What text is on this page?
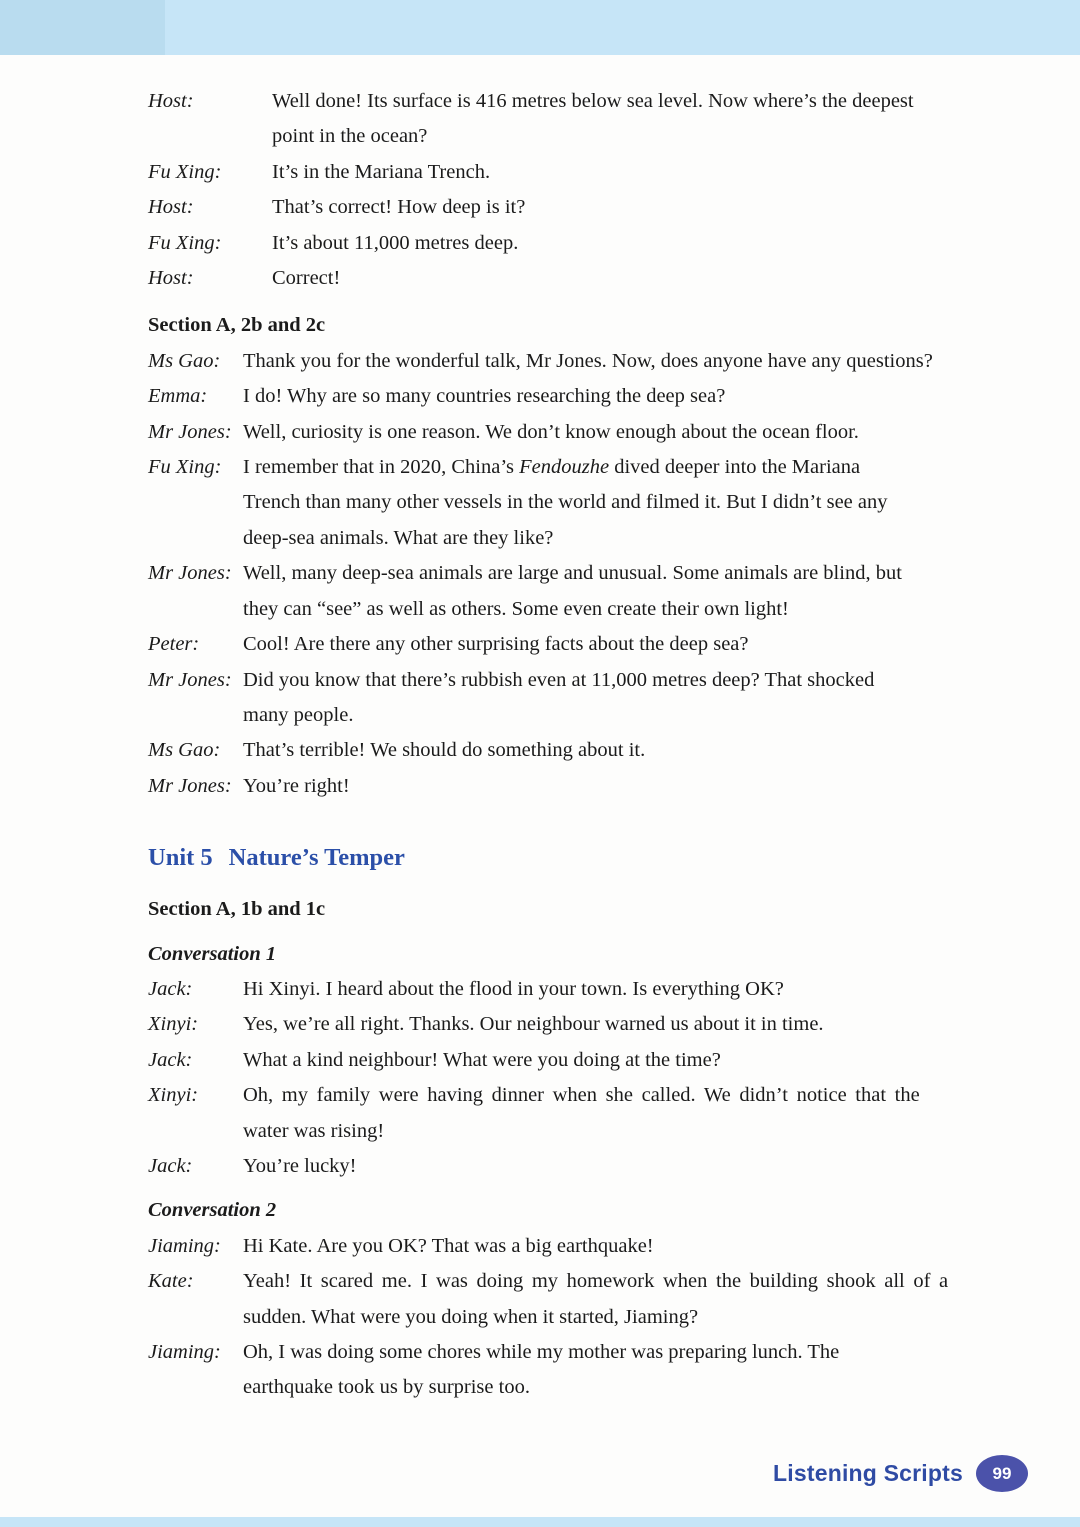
Host:	Well done! Its surface is 416 metres below sea level. Now where’s the deepest
point in the ocean?
Fu Xing:	It’s in the Mariana Trench.
Host:	That’s correct! How deep is it?
Fu Xing:	It’s about 11,000 metres deep.
Host:	Correct!
Section A, 2b and 2c
Ms Gao:	Thank you for the wonderful talk, Mr Jones. Now, does anyone have any questions?
Emma:	I do! Why are so many countries researching the deep sea?
Mr Jones: Well, curiosity is one reason. We don’t know enough about the ocean floor.
Fu Xing:	I remember that in 2020, China’s Fendouzhe dived deeper into the Mariana
Trench than many other vessels in the world and filmed it. But I didn’t see any
deep-sea animals. What are they like?
Mr Jones: Well, many deep-sea animals are large and unusual. Some animals are blind, but
they can “see” as well as others. Some even create their own light!
Peter:	Cool! Are there any other surprising facts about the deep sea?
Mr Jones: Did you know that there’s rubbish even at 11,000 metres deep? That shocked
many people.
Ms Gao:	That’s terrible! We should do something about it.
Mr Jones: You’re right!
Unit 5 Nature’s Temper
Section A, 1b and 1c
Conversation 1
Jack:	Hi Xinyi. I heard about the flood in your town. Is everything OK?
Xinyi:	Yes, we’re all right. Thanks. Our neighbour warned us about it in time.
Jack:	What a kind neighbour! What were you doing at the time?
Xinyi:	Oh, my family were having dinner when she called. We didn’t notice that the
water was rising!
Jack:	You’re lucky!
Conversation 2
Jiaming:	Hi Kate. Are you OK? That was a big earthquake!
Kate:	Yeah! It scared me. I was doing my homework when the building shook all of a
sudden. What were you doing when it started, Jiaming?
Jiaming:	Oh, I was doing some chores while my mother was preparing lunch. The
earthquake took us by surprise too.
Listening Scripts 99
